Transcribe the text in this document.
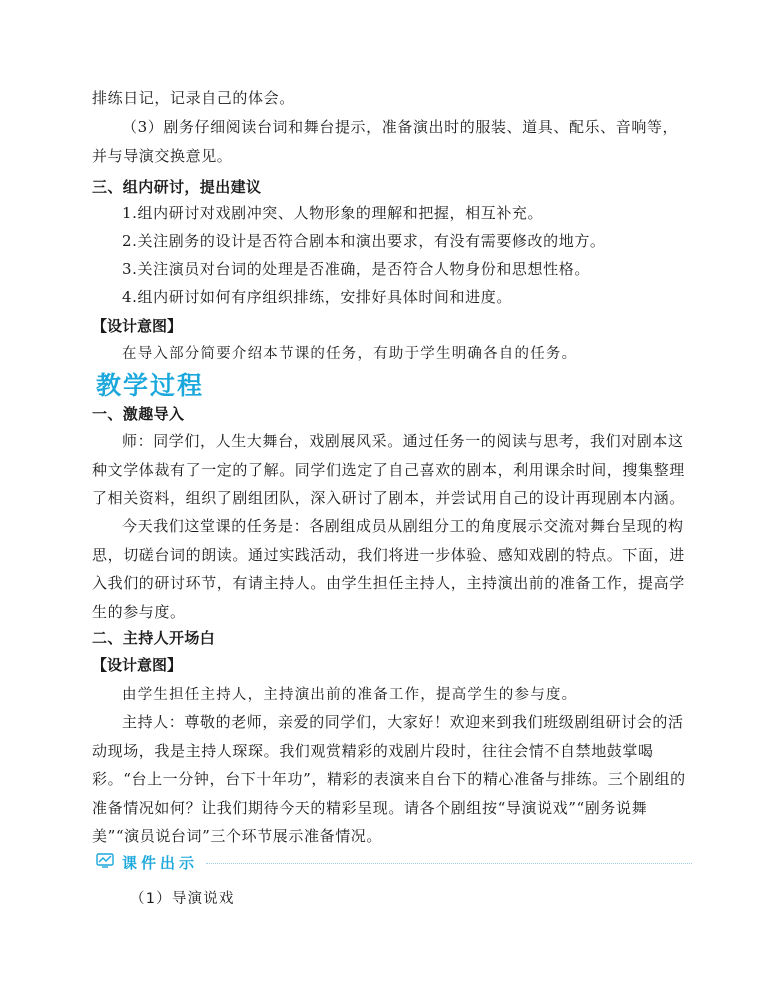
排练日记，记录自己的体会。

（3）剧务仔细阅读台词和舞台提示，准备演出时的服装、道具、配乐、音响等，并与导演交换意见。

三、组内研讨，提出建议

1.组内研讨对戏剧冲突、人物形象的理解和把握，相互补充。

2.关注剧务的设计是否符合剧本和演出要求，有没有需要修改的地方。

3.关注演员对台词的处理是否准确，是否符合人物身份和思想性格。

4.组内研讨如何有序组织排练，安排好具体时间和进度。

【设计意图】

在导入部分简要介绍本节课的任务，有助于学生明确各自的任务。

教学过程

一、激趣导入

师：同学们，人生大舞台，戏剧展风采。通过任务一的阅读与思考，我们对剧本这种文学体裁有了一定的了解。同学们选定了自己喜欢的剧本，利用课余时间，搜集整理了相关资料，组织了剧组团队，深入研讨了剧本，并尝试用自己的设计再现剧本内涵。

今天我们这堂课的任务是：各剧组成员从剧组分工的角度展示交流对舞台呈现的构思，切磋台词的朗读。通过实践活动，我们将进一步体验、感知戏剧的特点。下面，进入我们的研讨环节，有请主持人。由学生担任主持人，主持演出前的准备工作，提高学生的参与度。

二、主持人开场白

【设计意图】

由学生担任主持人，主持演出前的准备工作，提高学生的参与度。

主持人：尊敬的老师，亲爱的同学们，大家好！欢迎来到我们班级剧组研讨会的活动现场，我是主持人琛琛。我们观赏精彩的戏剧片段时，往往会情不自禁地鼓掌喝彩。“台上一分钟，台下十年功”，精彩的表演来自台下的精心准备与排练。三个剧组的准备情况如何？让我们期待今天的精彩呈现。请各个剧组按“导演说戏”“剧务说舞美”“演员说台词”三个环节展示准备情况。

课件出示

（1）导演说戏
